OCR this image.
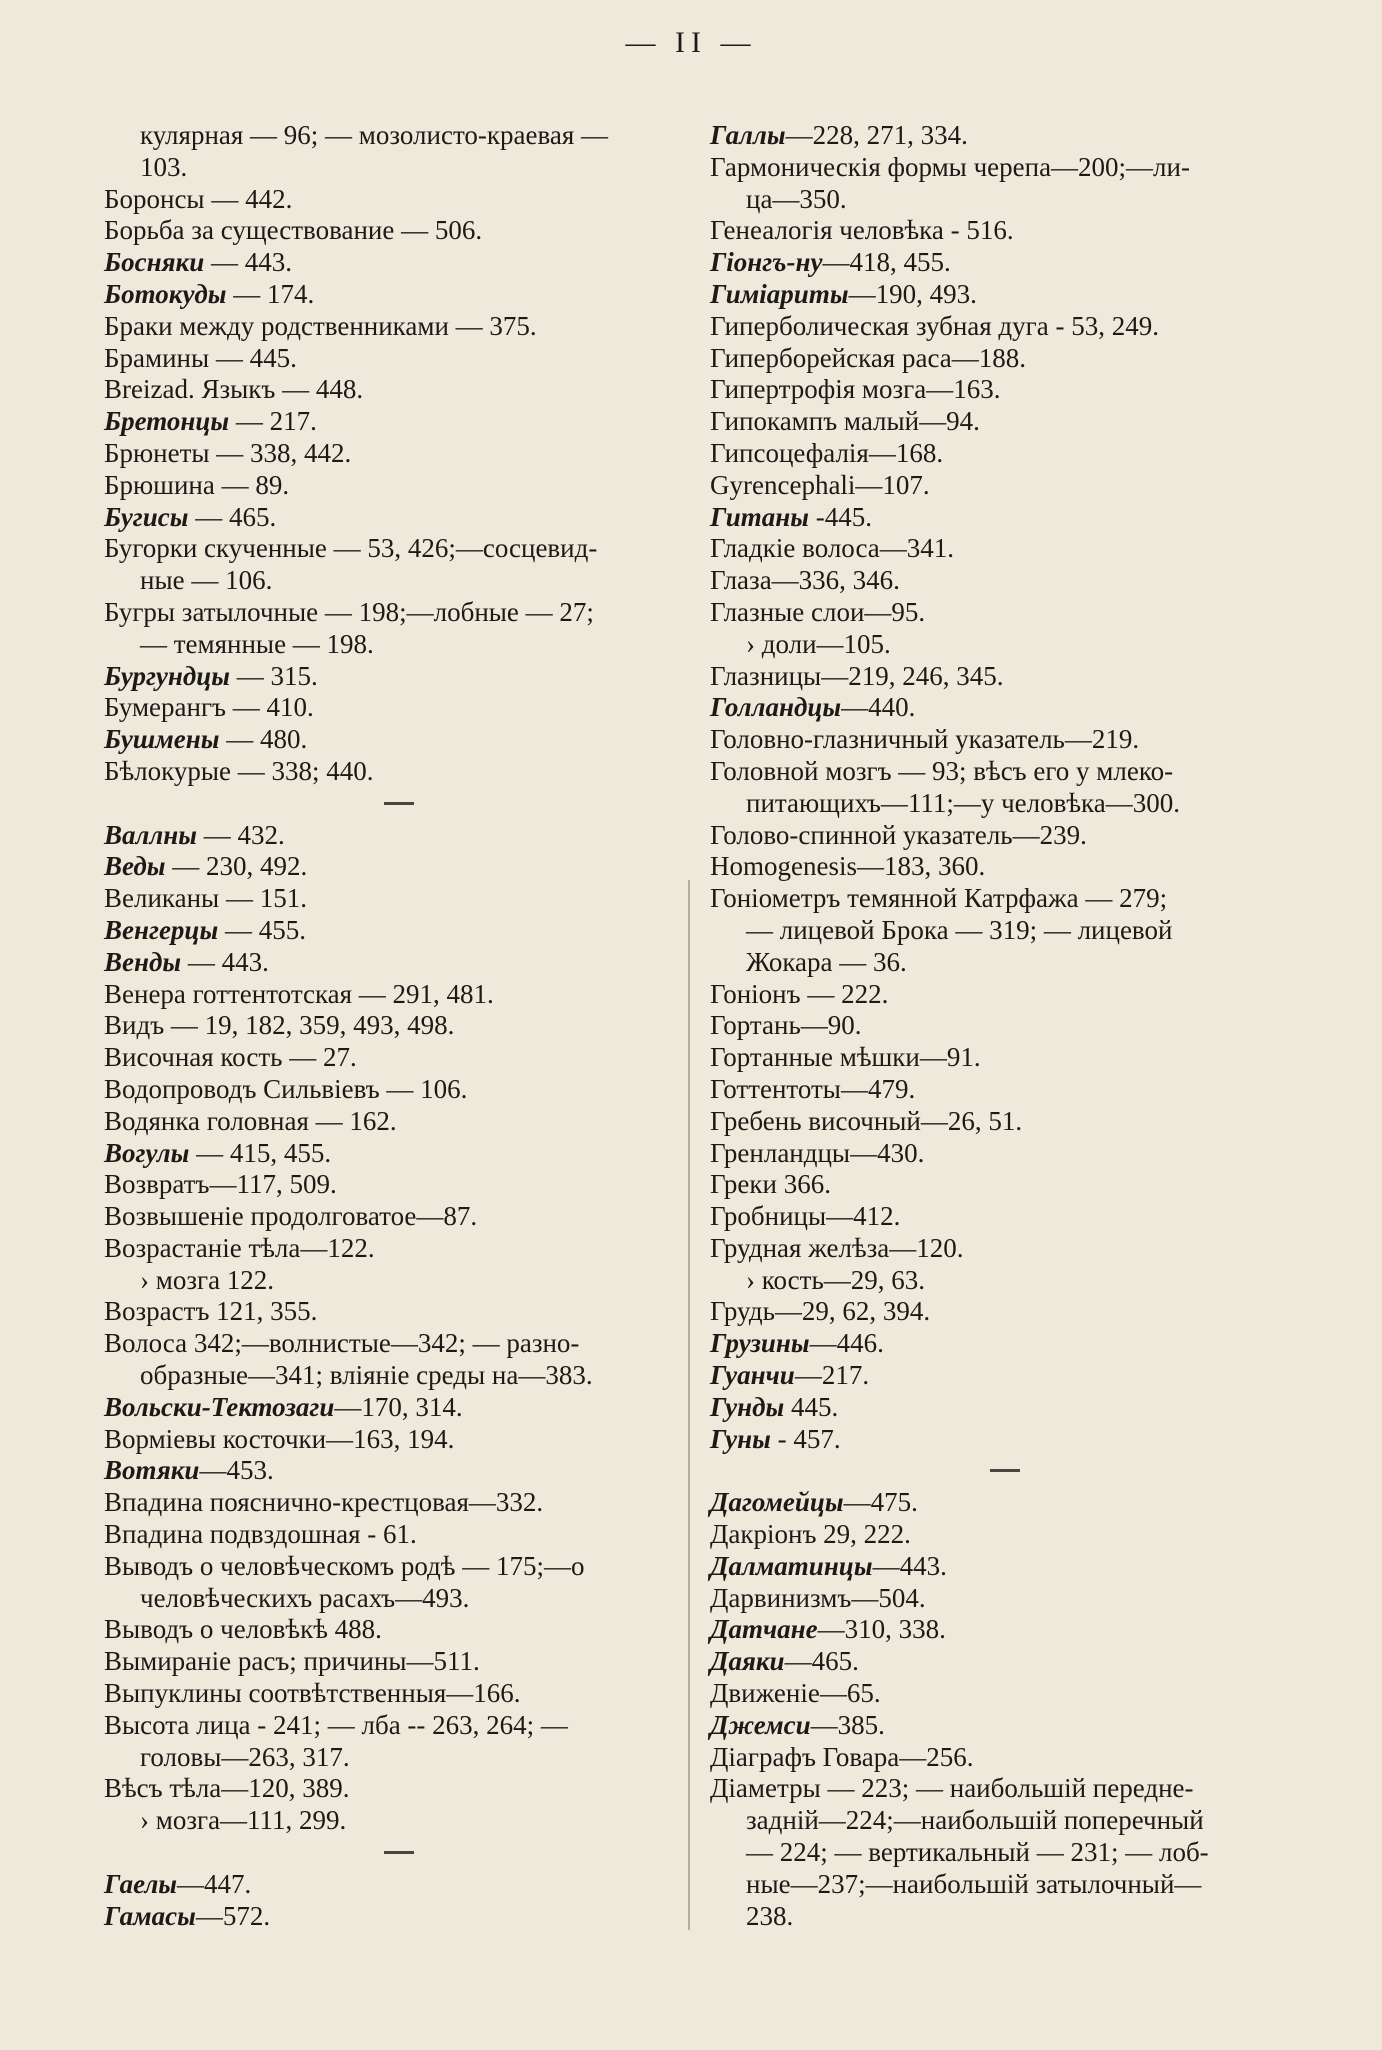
— II —
кулярная — 96; — мозолисто-краевая —
103.
Боронсы — 442.
Борьба за существование — 506.
Босняки — 443.
Ботокуды — 174.
Браки между родственниками — 375.
Брамины — 445.
Breizad. Языкъ — 448.
Бретонцы — 217.
Брюнеты — 338, 442.
Брюшина — 89.
Бугисы — 465.
Бугорки скученные — 53, 426;—сосцевид-
ные — 106.
Бугры затылочные — 198;—лобные — 27;
— темянные — 198.
Бургундцы — 315.
Бумерангъ — 410.
Бушмены — 480.
Бѣлокурые — 338; 440.
Валлны — 432.
Веды — 230, 492.
Великаны — 151.
Венгерцы — 455.
Венды — 443.
Венера готтентотская — 291, 481.
Видъ — 19, 182, 359, 493, 498.
Височная кость — 27.
Водопроводъ Сильвiевъ — 106.
Водянка головная — 162.
Вогулы — 415, 455.
Возвратъ—117, 509.
Возвышенiе продолговатое—87.
Возрастанiе тѣла—122.
› мозга 122.
Возрастъ 121, 355.
Волоса 342;—волнистые—342; — разно-
образные—341; влiянiе среды на—383.
Вольски-Тектозаги—170, 314.
Ворміевы косточки—163, 194.
Вотяки—453.
Впадина пояснично-крестцовая—332.
Впадина подвздошная - 61.
Выводъ о человѣческомъ родѣ — 175;—о
человѣческихъ расахъ—493.
Выводъ о человѣкѣ 488.
Вымиранiе расъ; причины—511.
Выпуклины соотвѣтственныя—166.
Высота лица - 241; — лба -- 263, 264; —
головы—263, 317.
Вѣсъ тѣла—120, 389.
› мозга—111, 299.
Гаелы—447.
Гамасы—572.
Галлы—228, 271, 334.
Гармоническiя формы черепа—200;—ли-
ца—350.
Генеалогiя человѣка - 516.
Гiонгъ-ну—418, 455.
Гимiариты—190, 493.
Гиперболическая зубная дуга - 53, 249.
Гиперборейская раса—188.
Гипертрофiя мозга—163.
Гипокампъ малый—94.
Гипсоцефалiя—168.
Gyrencephali—107.
Гитаны -445.
Гладкiе волоса—341.
Глаза—336, 346.
Глазные слои—95.
› доли—105.
Глазницы—219, 246, 345.
Голландцы—440.
Головно-глазничный указатель—219.
Головной мозгъ — 93; вѣсъ его у млеко-
питающихъ—111;—у человѣка—300.
Голово-спинной указатель—239.
Homogenesis—183, 360.
Гонiометръ темянной Катрфажа — 279;
— лицевой Брока — 319; — лицевой
Жокара — 36.
Гонiонъ — 222.
Гортань—90.
Гортанные мѣшки—91.
Готтентоты—479.
Гребень височный—26, 51.
Гренландцы—430.
Греки 366.
Гробницы—412.
Грудная желѣза—120.
› кость—29, 63.
Грудь—29, 62, 394.
Грузины—446.
Гуанчи—217.
Гунды 445.
Гуны - 457.
Дагомейцы—475.
Дакрiонъ 29, 222.
Далматинцы—443.
Дарвинизмъ—504.
Датчане—310, 338.
Даяки—465.
Движенiе—65.
Джемси—385.
Дiаграфъ Говара—256.
Дiаметры — 223; — наибольшiй передне-
заднiй—224;—наибольшiй поперечный
— 224; — вертикальный — 231; — лоб-
ные—237;—наибольшiй затылочный—
238.
